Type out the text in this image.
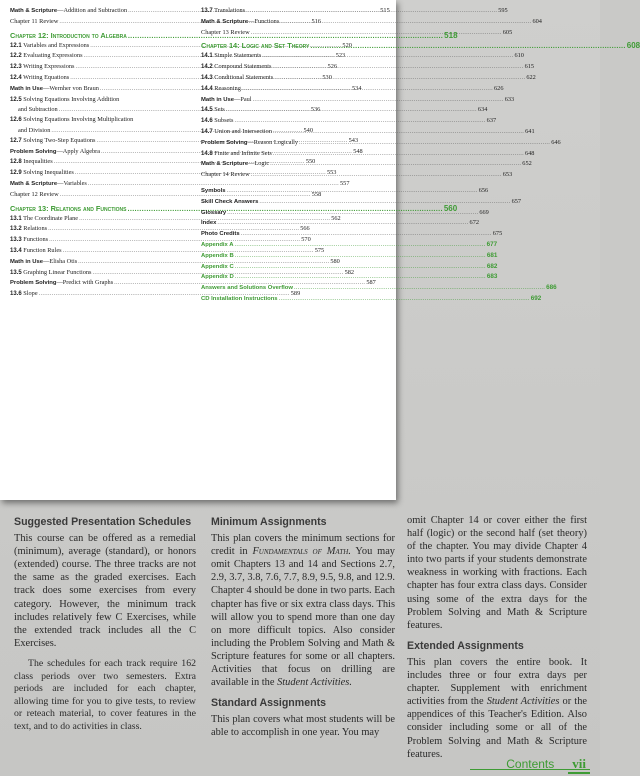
Math & Scripture—Addition and Subtraction .....	515
Chapter 11 Review .....	516
Chapter 12: Introduction to Algebra .....	518
12.1 Variables and Expressions .....	520
12.2 Evaluating Expressions .....	523
12.3 Writing Expressions .....	526
12.4 Writing Equations .....	530
Math in Use—Wernher von Braun .....	534
12.5 Solving Equations Involving Addition
and Subtraction .....	536
12.6 Solving Equations Involving Multiplication
and Division .....	540
12.7 Solving Two-Step Equations .....	543
Problem Solving—Apply Algebra .....	548
12.8 Inequalities .....	550
12.9 Solving Inequalities .....	553
Math & Scripture—Variables .....	557
Chapter 12 Review .....	558
Chapter 13: Relations and Functions .....	560
13.1 The Coordinate Plane .....	562
13.2 Relations .....	566
13.3 Functions .....	570
13.4 Function Rules .....	575
Math in Use—Elisha Otis .....	580
13.5 Graphing Linear Functions .....	582
Problem Solving—Predict with Graphs .....	587
13.6 Slope .....	589
13.7 Translations .....	595
Math & Scripture—Functions .....	604
Chapter 13 Review .....	605
Chapter 14: Logic and Set Theory .....	608
14.1 Simple Statements .....	610
14.2 Compound Statements .....	615
14.3 Conditional Statements .....	622
14.4 Reasoning .....	626
Math in Use—Paul .....	633
14.5 Sets .....	634
14.6 Subsets .....	637
14.7 Union and Intersection .....	641
Problem Solving—Reason Logically .....	646
14.8 Finite and Infinite Sets .....	648
Math & Scripture—Logic .....	652
Chapter 14 Review .....	653
Symbols .....	656
Skill Check Answers .....	657
Glossary .....	669
Index .....	672
Photo Credits .....	675
Appendix A .....	677
Appendix B .....	681
Appendix C .....	682
Appendix D .....	683
Answers and Solutions Overflow .....	686
CD Installation Instructions .....	692
Suggested Presentation Schedules

This course can be offered as a remedial (minimum), average (standard), or honors (extended) course. The three tracks are not the same as the graded exercises. Each track does some exercises from every category. However, the minimum track includes relatively few C Exercises, while the extended track includes all the C Exercises.

The schedules for each track require 162 class periods over two semesters. Extra periods are included for each chapter, allowing time for you to give tests, to review or reteach material, to cover features in the text, and to do activities in class.

Minimum Assignments

This plan covers the minimum sections for credit in Fundamentals of Math. You may omit Chapters 13 and 14 and Sections 2.7, 2.9, 3.7, 3.8, 7.6, 7.7, 8.9, 9.5, 9.8, and 12.9. Chapter 4 should be done in two parts. Each chapter has five or six extra class days. This will allow you to spend more than one day on more difficult topics. Also consider including the Problem Solving and Math & Scripture features for some or all chapters. Activities that focus on drilling are available in the Student Activities.

Standard Assignments

This plan covers what most students will be able to accomplish in one year. You may

omit Chapter 14 or cover either the first half (logic) or the second half (set theory) of the chapter. You may divide Chapter 4 into two parts if your students demonstrate weakness in working with fractions. Each chapter has four extra class days. Consider using some of the extra days for the Problem Solving and Math & Scripture features.

Extended Assignments

This plan covers the entire book. It includes three or four extra days per chapter. Supplement with enrichment activities from the Student Activities or the appendices of this Teacher's Edition. Also consider including some or all of the Problem Solving and Math & Scripture features.

Contents	vii
